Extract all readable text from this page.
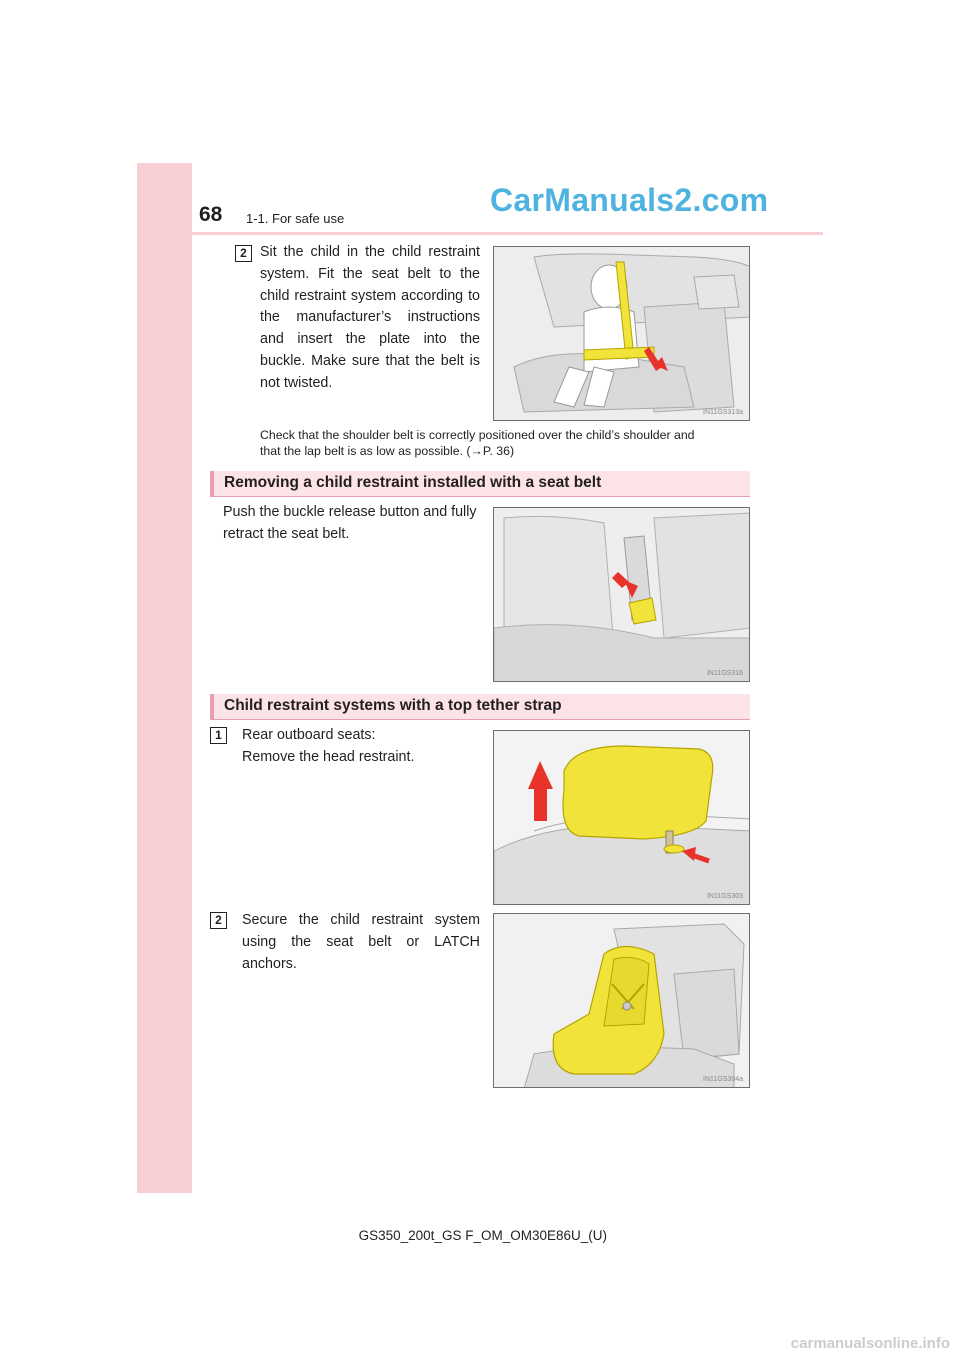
68 1-1. For safe use
CarManuals2.com
2 Sit the child in the child restraint system. Fit the seat belt to the child restraint system according to the manufacturer’s instructions and insert the plate into the buckle. Make sure that the belt is not twisted.
IN11GS313a
Check that the shoulder belt is correctly positioned over the child’s shoulder and
that the lap belt is as low as possible. (→P. 36)
Removing a child restraint installed with a seat belt
Push the buckle release button and fully retract the seat belt.
IN11GS316
Child restraint systems with a top tether strap
1	Rear outboard seats:
Remove the head restraint.
IN11GS303
2	Secure the child restraint system using the seat belt or LATCH anchors.
IN11GS304a
GS350_200t_GS F_OM_OM30E86U_(U)
carmanualsonline.info
